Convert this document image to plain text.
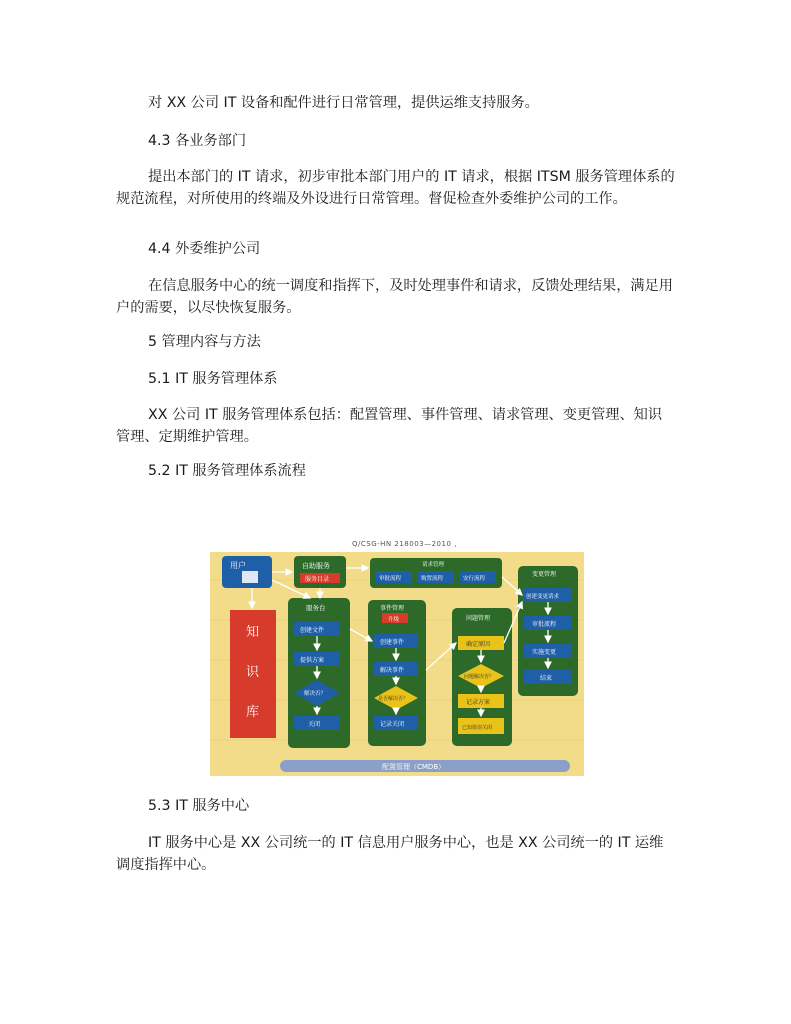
对 XX 公司 IT 设备和配件进行日常管理，提供运维支持服务。
4.3 各业务部门
提出本部门的 IT 请求，初步审批本部门用户的 IT 请求，根据 ITSM 服务管理体系的规范流程，对所使用的终端及外设进行日常管理。督促检查外委维护公司的工作。
4.4 外委维护公司
在信息服务中心的统一调度和指挥下，及时处理事件和请求，反馈处理结果，满足用户的需要，以尽快恢复服务。
5 管理内容与方法
5.1 IT 服务管理体系
XX 公司 IT 服务管理体系包括：配置管理、事件管理、请求管理、变更管理、知识管理、定期维护管理。
5.2 IT 服务管理体系流程
Q/CSG-HN 218003—2010 ,
用户	自助服务
服务目录
知
识
库
服务台
创建文件
提供方案
解决否？
关闭
请求管理
审批流程	购置流程	安行流程
事件管理
升级
创建事件
解决事件
是否解决否？
记录关闭
问题管理
确定原因
问题解决否？
记录方案
已知错误关闭
变更管理
创建变更请求
审批流程
实施变更
结束
配置管理（CMDB）
5.3 IT 服务中心
IT 服务中心是 XX 公司统一的 IT 信息用户服务中心，也是 XX 公司统一的 IT 运维调度指挥中心。
